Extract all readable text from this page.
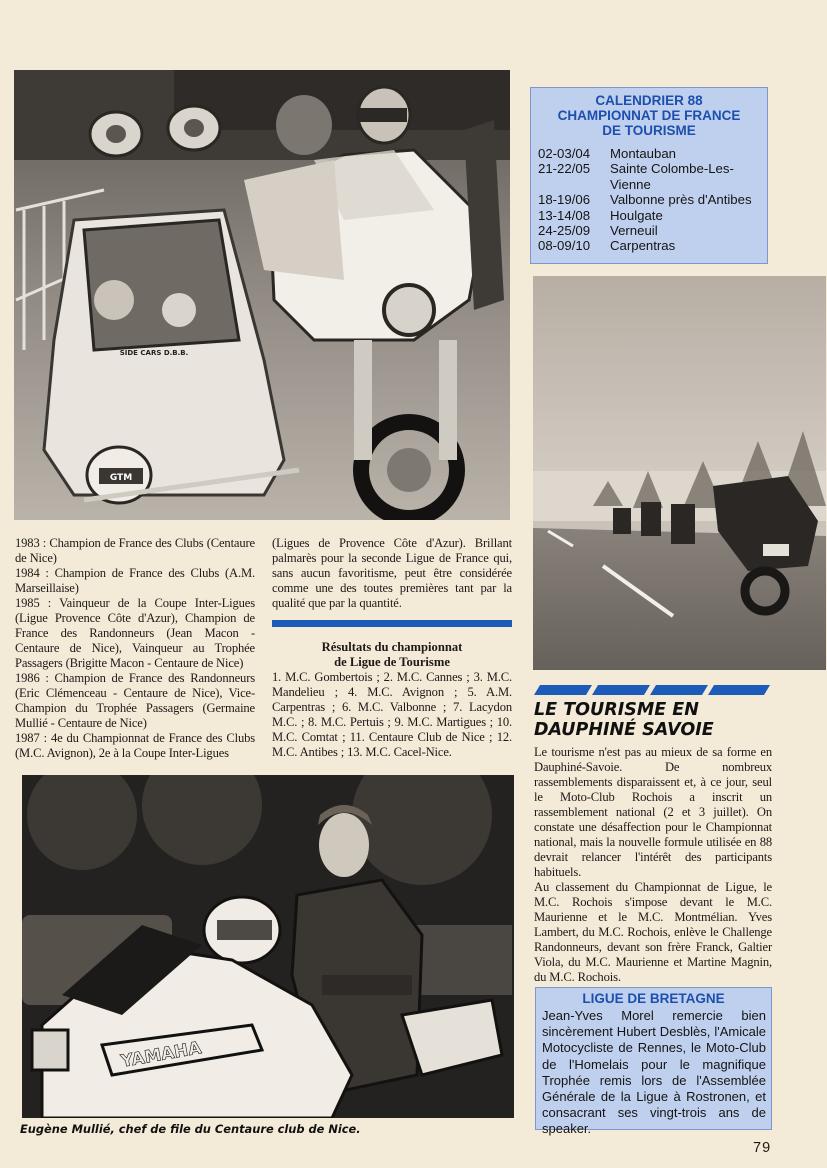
GTM
SIDE CARS D.B.B.
YAMAHA

1983 : Champion de France des Clubs (Centaure de Nice)

1984 : Champion de France des Clubs (A.M. Marseillaise)

1985 : Vainqueur de la Coupe Inter-Ligues (Ligue Provence Côte d'Azur), Champion de France des Randonneurs (Jean Macon - Centaure de Nice), Vainqueur au Trophée Passagers (Brigitte Macon - Centaure de Nice)

1986 : Champion de France des Randonneurs (Eric Clémenceau - Centaure de Nice), Vice-Champion du Trophée Passagers (Germaine Mullié - Centaure de Nice)

1987 : 4e du Championnat de France des Clubs (M.C. Avignon), 2e à la Coupe Inter-Ligues

(Ligues de Provence Côte d'Azur). Brillant palmarès pour la seconde Ligue de France qui, sans aucun favoritisme, peut être considérée comme une des toutes premières tant par la qualité que par la quantité.

Résultats du championnat
de Ligue de Tourisme

1. M.C. Gombertois ; 2. M.C. Cannes ; 3. M.C. Mandelieu ; 4. M.C. Avignon ; 5. A.M. Carpentras ; 6. M.C. Valbonne ; 7. Lacydon M.C. ; 8. M.C. Pertuis ; 9. M.C. Martigues ; 10. M.C. Comtat ; 11. Centaure Club de Nice ; 12. M.C. Antibes ; 13. M.C. Cacel-Nice.

CALENDRIER 88
CHAMPIONNAT DE FRANCE
DE TOURISME
02-03/04	Montauban
21-22/05	Sainte Colombe-Les-Vienne
18-19/06	Valbonne près d'Antibes
13-14/08	Houlgate
24-25/09	Verneuil
08-09/10	Carpentras
LE TOURISME EN
DAUPHINÉ SAVOIE

Le tourisme n'est pas au mieux de sa forme en Dauphiné-Savoie. De nombreux rassemblements disparaissent et, à ce jour, seul le Moto-Club Rochois a inscrit un rassemblement national (2 et 3 juillet). On constate une désaffection pour le Championnat national, mais la nouvelle formule utilisée en 88 devrait relancer l'intérêt des participants habituels.

Au classement du Championnat de Ligue, le M.C. Rochois s'impose devant le M.C. Maurienne et le M.C. Montmélian. Yves Lambert, du M.C. Rochois, enlève le Challenge Randonneurs, devant son frère Franck, Galtier Viola, du M.C. Maurienne et Martine Magnin, du M.C. Rochois.

LIGUE DE BRETAGNE
Jean-Yves Morel remercie bien sincèrement Hubert Desblès, l'Amicale Motocycliste de Rennes, le Moto-Club de l'Homelais pour le magnifique Trophée remis lors de l'Assemblée Générale de la Ligue à Rostronen, et consacrant ses vingt-trois ans de speaker.
Eugène Mullié, chef de file du Centaure club de Nice.
79
